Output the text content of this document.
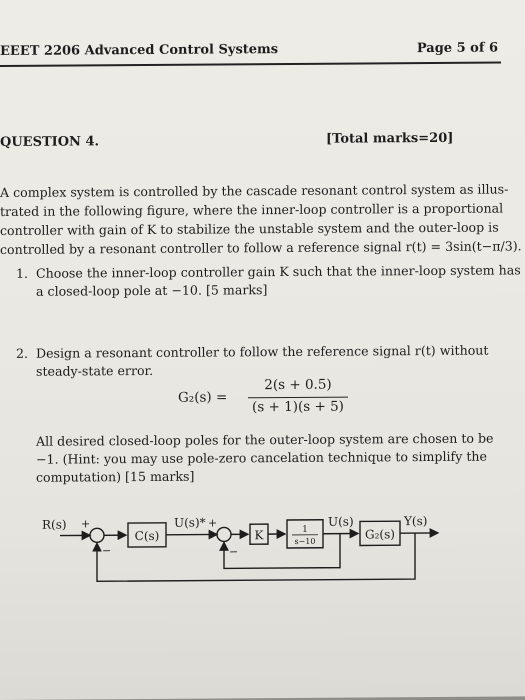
EEET 2206 Advanced Control Systems	Page 5 of 6
QUESTION 4.	[Total marks=20]
A complex system is controlled by the cascade resonant control system as illus-
trated in the following figure, where the inner-loop controller is a proportional
controller with gain of K to stabilize the unstable system and the outer-loop is
controlled by a resonant controller to follow a reference signal r(t) = 3sin(t−π/3).
1. Choose the inner-loop controller gain K such that the inner-loop system has
a closed-loop pole at −10. [5 marks]
2. Design a resonant controller to follow the reference signal r(t) without
steady-state error.
G₂(s) =
2(s + 0.5)
(s + 1)(s + 5)
All desired closed-loop poles for the outer-loop system are chosen to be
−1. (Hint: you may use pole-zero cancelation technique to simplify the
computation) [15 marks]
R(s) +
−
C(s)
U(s)* +
−
K	1
s−10
U(s)
G₂(s)
Y(s)
